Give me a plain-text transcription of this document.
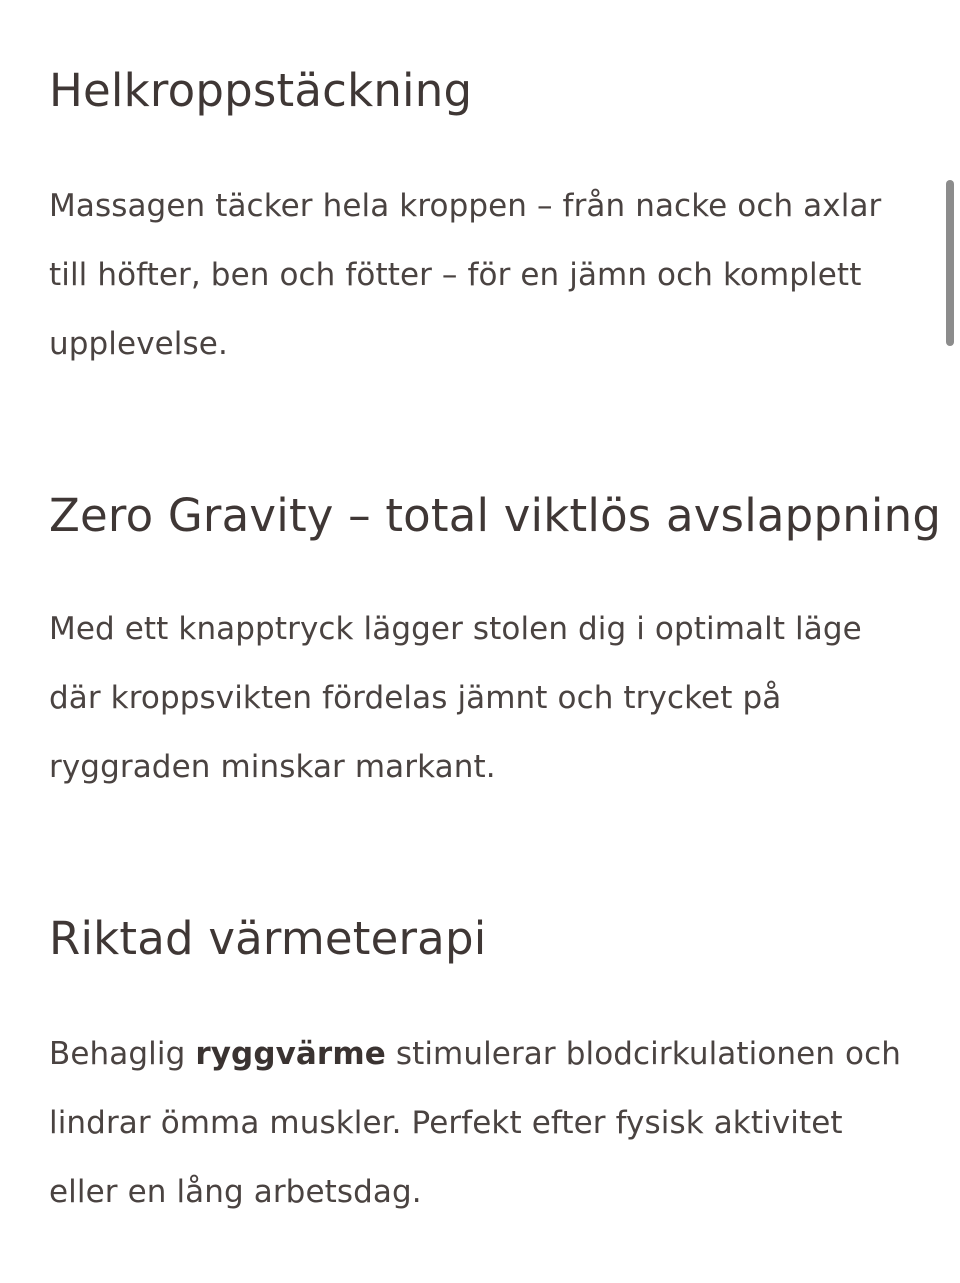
Helkroppstäckning

Massagen täcker hela kroppen – från nacke och axlar
till höfter, ben och fötter – för en jämn och komplett
upplevelse.

Zero Gravity – total viktlös avslappning

Med ett knapptryck lägger stolen dig i optimalt läge
där kroppsvikten fördelas jämnt och trycket på
ryggraden minskar markant.

Riktad värmeterapi

Behaglig ryggvärme stimulerar blodcirkulationen och
lindrar ömma muskler. Perfekt efter fysisk aktivitet
eller en lång arbetsdag.
